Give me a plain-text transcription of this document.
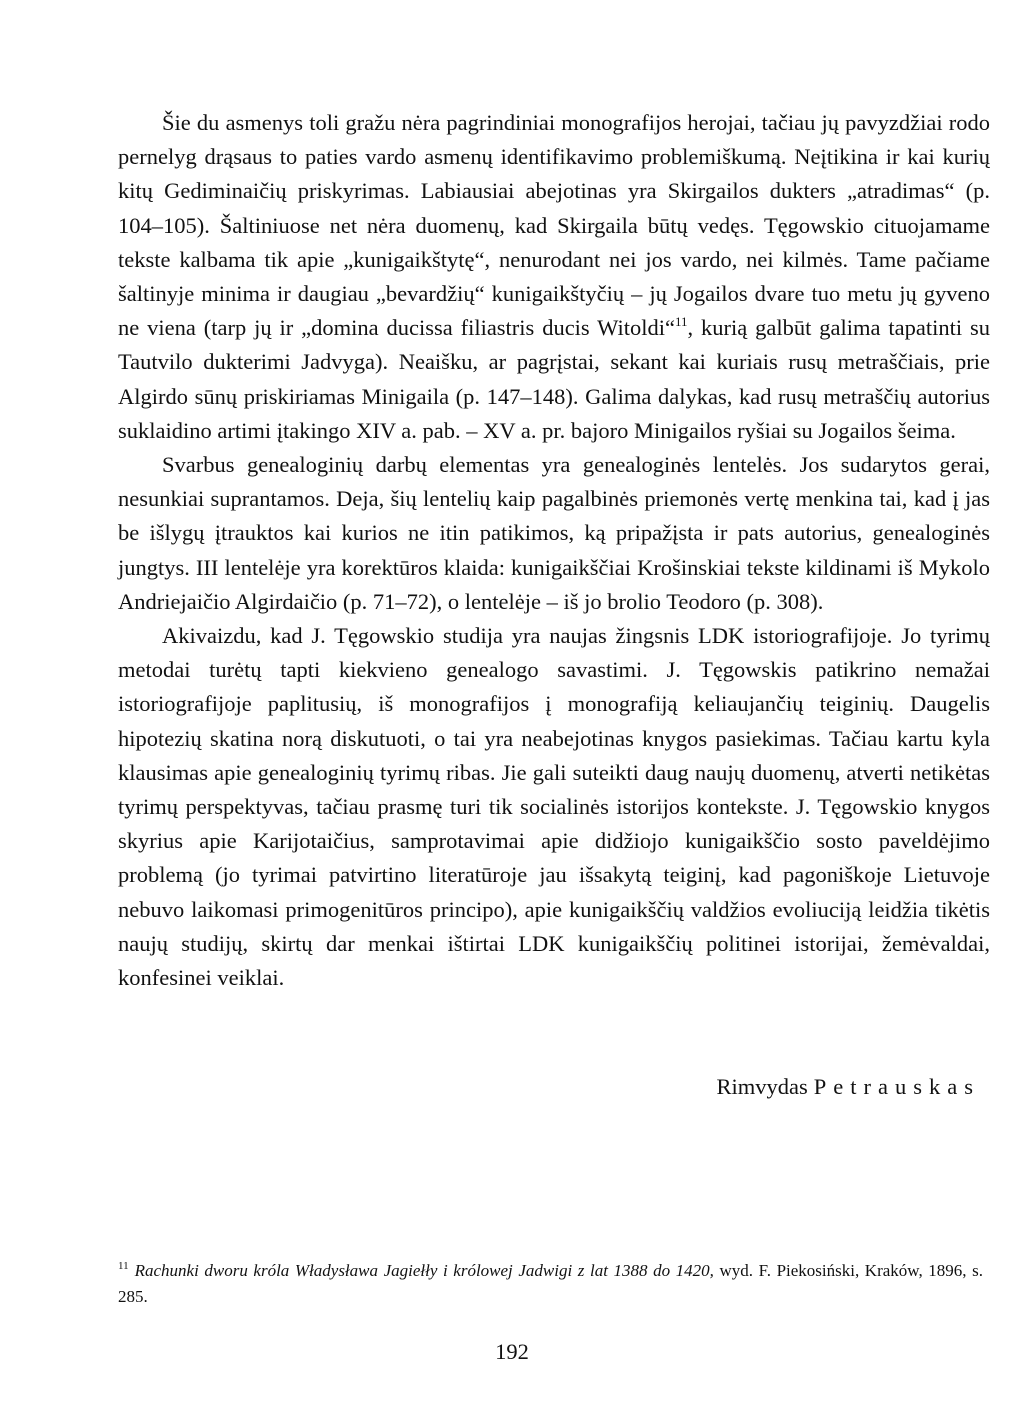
Šie du asmenys toli gražu nėra pagrindiniai monografijos herojai, tačiau jų pavyzdžiai rodo pernelyg drąsaus to paties vardo asmenų identifikavimo problemiškumą. Neįtikina ir kai kurių kitų Gediminaičių priskyrimas. Labiausiai abejotinas yra Skirgailos dukters „atradimas“ (p. 104–105). Šaltiniuose net nėra duomenų, kad Skirgaila būtų vedęs. Tęgowskio cituojamame tekste kalbama tik apie „kunigaikštytę“, nenurodant nei jos vardo, nei kilmės. Tame pačiame šaltinyje minima ir daugiau „bevardžių“ kunigaikštyčių – jų Jogailos dvare tuo metu jų gyveno ne viena (tarp jų ir „domina ducissa filiastris ducis Witoldi“$^{11}$, kurią galbūt galima tapatinti su Tautvilo dukterimi Jadvyga). Neaišku, ar pagrįstai, sekant kai kuriais rusų metraščiais, prie Algirdo sūnų priskiriamas Minigaila (p. 147–148). Galima dalykas, kad rusų metraščių autorius suklaidino artimi įtakingo XIV a. pab. – XV a. pr. bajoro Minigailos ryšiai su Jogailos šeima.

Svarbus genealoginių darbų elementas yra genealoginės lentelės. Jos sudarytos gerai, nesunkiai suprantamos. Deja, šių lentelių kaip pagalbinės priemonės vertę menkina tai, kad į jas be išlygų įtrauktos kai kurios ne itin patikimos, ką pripažįsta ir pats autorius, genealoginės jungtys. III lentelėje yra korektūros klaida: kunigaikščiai Krošinskiai tekste kildinami iš Mykolo Andriejaičio Algirdaičio (p. 71–72), o lentelėje – iš jo brolio Teodoro (p. 308).

Akivaizdu, kad J. Tęgowskio studija yra naujas žingsnis LDK istoriografijoje. Jo tyrimų metodai turėtų tapti kiekvieno genealogo savastimi. J. Tęgowskis patikrino nemažai istoriografijoje paplitusių, iš monografijos į monografiją keliaujančių teiginių. Daugelis hipotezių skatina norą diskutuoti, o tai yra neabejotinas knygos pasiekimas. Tačiau kartu kyla klausimas apie genealoginių tyrimų ribas. Jie gali suteikti daug naujų duomenų, atverti netikėtas tyrimų perspektyvas, tačiau prasmę turi tik socialinės istorijos kontekste. J. Tęgowskio knygos skyrius apie Karijotaičius, samprotavimai apie didžiojo kunigaikščio sosto paveldėjimo problemą (jo tyrimai patvirtino literatūroje jau išsakytą teiginį, kad pagoniškoje Lietuvoje nebuvo laikomasi primogenitūros principo), apie kunigaikščių valdžios evoliuciją leidžia tikėtis naujų studijų, skirtų dar menkai ištirtai LDK kunigaikščių politinei istorijai, žemėvaldai, konfesinei veiklai.

Rimvydas Petrauskas
$^{11}$ Rachunki dworu króla Władysława Jagiełły i królowej Jadwigi z lat 1388 do 1420, wyd. F. Piekosiński, Kraków, 1896, s. 285.
192
